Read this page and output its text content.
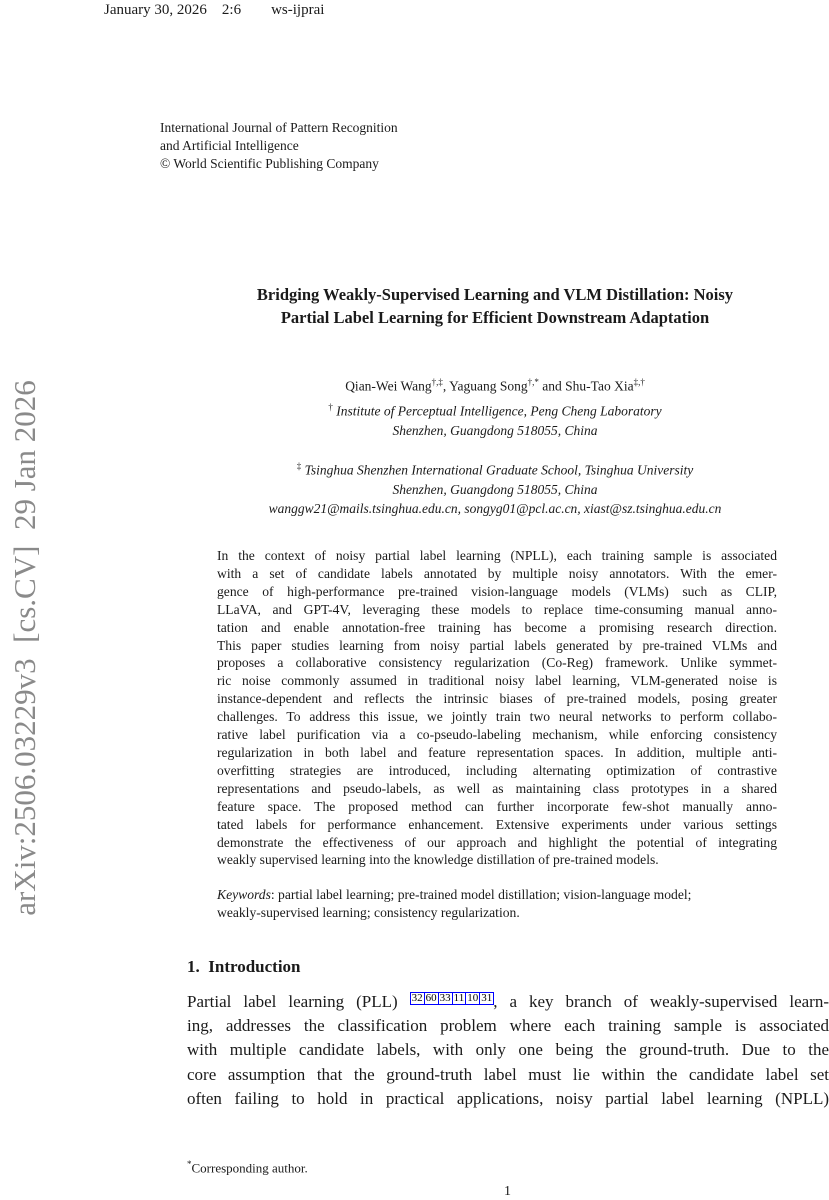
January 30, 2026 2:6 ws-ijprai
International Journal of Pattern Recognition
and Artificial Intelligence
© World Scientific Publishing Company
Bridging Weakly-Supervised Learning and VLM Distillation: Noisy
Partial Label Learning for Efficient Downstream Adaptation
Qian-Wei Wang†,‡, Yaguang Song†,* and Shu-Tao Xia‡,†
† Institute of Perceptual Intelligence, Peng Cheng Laboratory
Shenzhen, Guangdong 518055, China
‡ Tsinghua Shenzhen International Graduate School, Tsinghua University
Shenzhen, Guangdong 518055, China
wanggw21@mails.tsinghua.edu.cn, songyg01@pcl.ac.cn, xiast@sz.tsinghua.edu.cn
In the context of noisy partial label learning (NPLL), each training sample is associated
with a set of candidate labels annotated by multiple noisy annotators. With the emer-
gence of high-performance pre-trained vision-language models (VLMs) such as CLIP,
LLaVA, and GPT-4V, leveraging these models to replace time-consuming manual anno-
tation and enable annotation-free training has become a promising research direction.
This paper studies learning from noisy partial labels generated by pre-trained VLMs and
proposes a collaborative consistency regularization (Co-Reg) framework. Unlike symmet-
ric noise commonly assumed in traditional noisy label learning, VLM-generated noise is
instance-dependent and reflects the intrinsic biases of pre-trained models, posing greater
challenges. To address this issue, we jointly train two neural networks to perform collabo-
rative label purification via a co-pseudo-labeling mechanism, while enforcing consistency
regularization in both label and feature representation spaces. In addition, multiple anti-
overfitting strategies are introduced, including alternating optimization of contrastive
representations and pseudo-labels, as well as maintaining class prototypes in a shared
feature space. The proposed method can further incorporate few-shot manually anno-
tated labels for performance enhancement. Extensive experiments under various settings
demonstrate the effectiveness of our approach and highlight the potential of integrating
weakly supervised learning into the knowledge distillation of pre-trained models.
Keywords: partial label learning; pre-trained model distillation; vision-language model;
weakly-supervised learning; consistency regularization.
1. Introduction
Partial label learning (PLL) 32 60 33 11 10 31, a key branch of weakly-supervised learn-
ing, addresses the classification problem where each training sample is associated
with multiple candidate labels, with only one being the ground-truth. Due to the
core assumption that the ground-truth label must lie within the candidate label set
often failing to hold in practical applications, noisy partial label learning (NPLL)
*Corresponding author.
1
arXiv:2506.03229v3  [cs.CV]  29 Jan 2026
